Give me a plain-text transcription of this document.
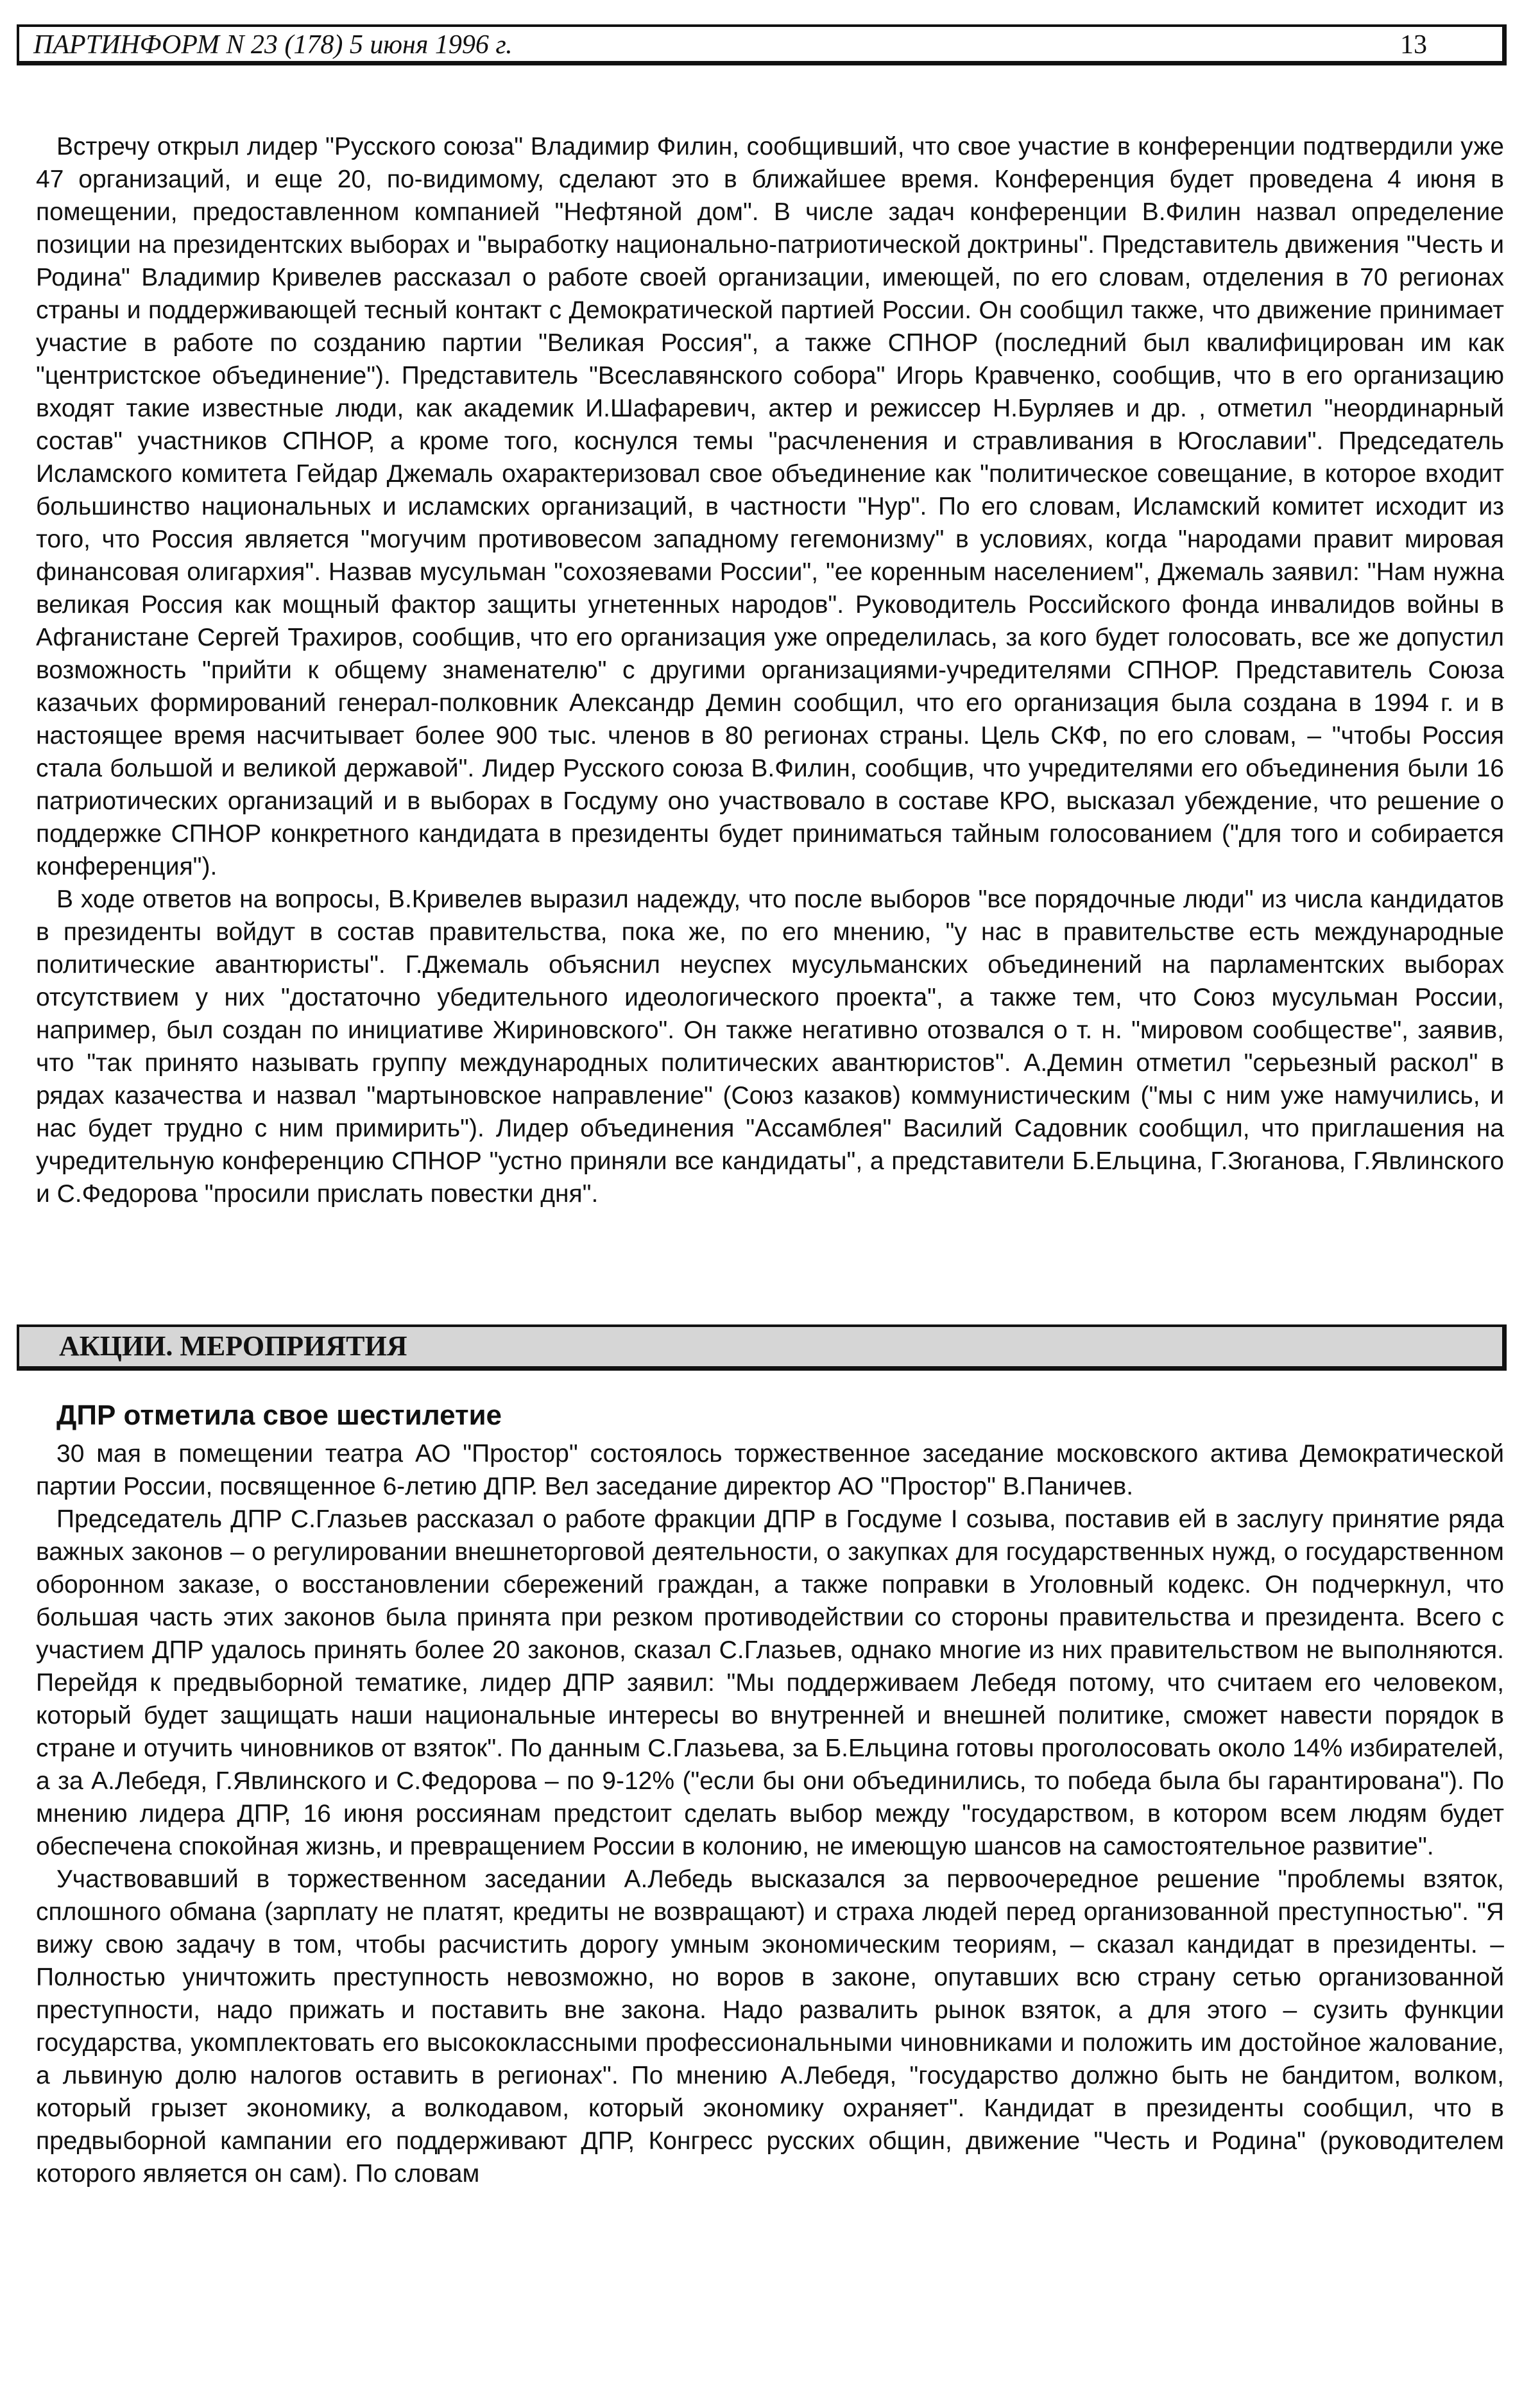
ПАРТИНФОРМ N 23 (178) 5 июня 1996 г.	13

Встречу открыл лидер "Русского союза" Владимир Филин, сообщивший, что свое участие в конференции подтвердили уже 47 организаций, и еще 20, по-видимому, сделают это в ближайшее время. Конференция будет проведена 4 июня в помещении, предоставленном компанией "Нефтяной дом". В числе задач конференции В.Филин назвал определение позиции на президентских выборах и "выработку национально-патриотической доктрины". Представитель движения "Честь и Родина" Владимир Кривелев рассказал о работе своей организации, имеющей, по его словам, отделения в 70 регионах страны и поддерживающей тесный контакт с Демократической партией России. Он сообщил также, что движение принимает участие в работе по созданию партии "Великая Россия", а также СПНОР (последний был квалифицирован им как "центристское объединение"). Представитель "Всеславянского собора" Игорь Кравченко, сообщив, что в его организацию входят такие известные люди, как академик И.Шафаревич, актер и режиссер Н.Бурляев и др. , отметил "неординарный состав" участников СПНОР, а кроме того, коснулся темы "расчленения и стравливания в Югославии". Председатель Исламского комитета Гейдар Джемаль охарактеризовал свое объединение как "политическое совещание, в которое входит большинство национальных и исламских организаций, в частности "Нур". По его словам, Исламский комитет исходит из того, что Россия является "могучим противовесом западному гегемонизму" в условиях, когда "народами правит мировая финансовая олигархия". Назвав мусульман "сохозяевами России", "ее коренным населением", Джемаль заявил: "Нам нужна великая Россия как мощный фактор защиты угнетенных народов". Руководитель Российского фонда инвалидов войны в Афганистане Сергей Трахиров, сообщив, что его организация уже определилась, за кого будет голосовать, все же допустил возможность "прийти к общему знаменателю" с другими организациями-учредителями СПНОР. Представитель Союза казачьих формирований генерал-полковник Александр Демин сообщил, что его организация была создана в 1994 г. и в настоящее время насчитывает более 900 тыс. членов в 80 регионах страны. Цель СКФ, по его словам, – "чтобы Россия стала большой и великой державой". Лидер Русского союза В.Филин, сообщив, что учредителями его объединения были 16 патриотических организаций и в выборах в Госдуму оно участвовало в составе КРО, высказал убеждение, что решение о поддержке СПНОР конкретного кандидата в президенты будет приниматься тайным голосованием ("для того и собирается конференция").

В ходе ответов на вопросы, В.Кривелев выразил надежду, что после выборов "все порядочные люди" из числа кандидатов в президенты войдут в состав правительства, пока же, по его мнению, "у нас в правительстве есть международные политические авантюристы". Г.Джемаль объяснил неуспех мусульманских объединений на парламентских выборах отсутствием у них "достаточно убедительного идеологического проекта", а также тем, что Союз мусульман России, например, был создан по инициативе Жириновского". Он также негативно отозвался о т. н. "мировом сообществе", заявив, что "так принято называть группу международных политических авантюристов". А.Демин отметил "серьезный раскол" в рядах казачества и назвал "мартыновское направление" (Союз казаков) коммунистическим ("мы с ним уже намучились, и нас будет трудно с ним примирить"). Лидер объединения "Ассамблея" Василий Садовник сообщил, что приглашения на учредительную конференцию СПНОР "устно приняли все кандидаты", а представители Б.Ельцина, Г.Зюганова, Г.Явлинского и С.Федорова "просили прислать повестки дня".

АКЦИИ. МЕРОПРИЯТИЯ
ДПР отметила свое шестилетие

30 мая в помещении театра АО "Простор" состоялось торжественное заседание московского актива Демократической партии России, посвященное 6-летию ДПР. Вел заседание директор АО "Простор" В.Паничев.

Председатель ДПР С.Глазьев рассказал о работе фракции ДПР в Госдуме I созыва, поставив ей в заслугу принятие ряда важных законов – о регулировании внешнеторговой деятельности, о закупках для государственных нужд, о государственном оборонном заказе, о восстановлении сбережений граждан, а также поправки в Уголовный кодекс. Он подчеркнул, что большая часть этих законов была принята при резком противодействии со стороны правительства и президента. Всего с участием ДПР удалось принять более 20 законов, сказал С.Глазьев, однако многие из них правительством не выполняются. Перейдя к предвыборной тематике, лидер ДПР заявил: "Мы поддерживаем Лебедя потому, что считаем его человеком, который будет защищать наши национальные интересы во внутренней и внешней политике, сможет навести порядок в стране и отучить чиновников от взяток". По данным С.Глазьева, за Б.Ельцина готовы проголосовать около 14% избирателей, а за А.Лебедя, Г.Явлинского и С.Федорова – по 9-12% ("если бы они объединились, то победа была бы гарантирована"). По мнению лидера ДПР, 16 июня россиянам предстоит сделать выбор между "государством, в котором всем людям будет обеспечена спокойная жизнь, и превращением России в колонию, не имеющую шансов на самостоятельное развитие".

Участвовавший в торжественном заседании А.Лебедь высказался за первоочередное решение "проблемы взяток, сплошного обмана (зарплату не платят, кредиты не возвращают) и страха людей перед организованной преступностью". "Я вижу свою задачу в том, чтобы расчистить дорогу умным экономическим теориям, – сказал кандидат в президенты. – Полностью уничтожить преступность невозможно, но воров в законе, опутавших всю страну сетью организованной преступности, надо прижать и поставить вне закона. Надо развалить рынок взяток, а для этого – сузить функции государства, укомплектовать его высококлассными профессиональными чиновниками и положить им достойное жалование, а львиную долю налогов оставить в регионах". По мнению А.Лебедя, "государство должно быть не бандитом, волком, который грызет экономику, а волкодавом, который экономику охраняет". Кандидат в президенты сообщил, что в предвыборной кампании его поддерживают ДПР, Конгресс русских общин, движение "Честь и Родина" (руководителем которого является он сам). По словам
